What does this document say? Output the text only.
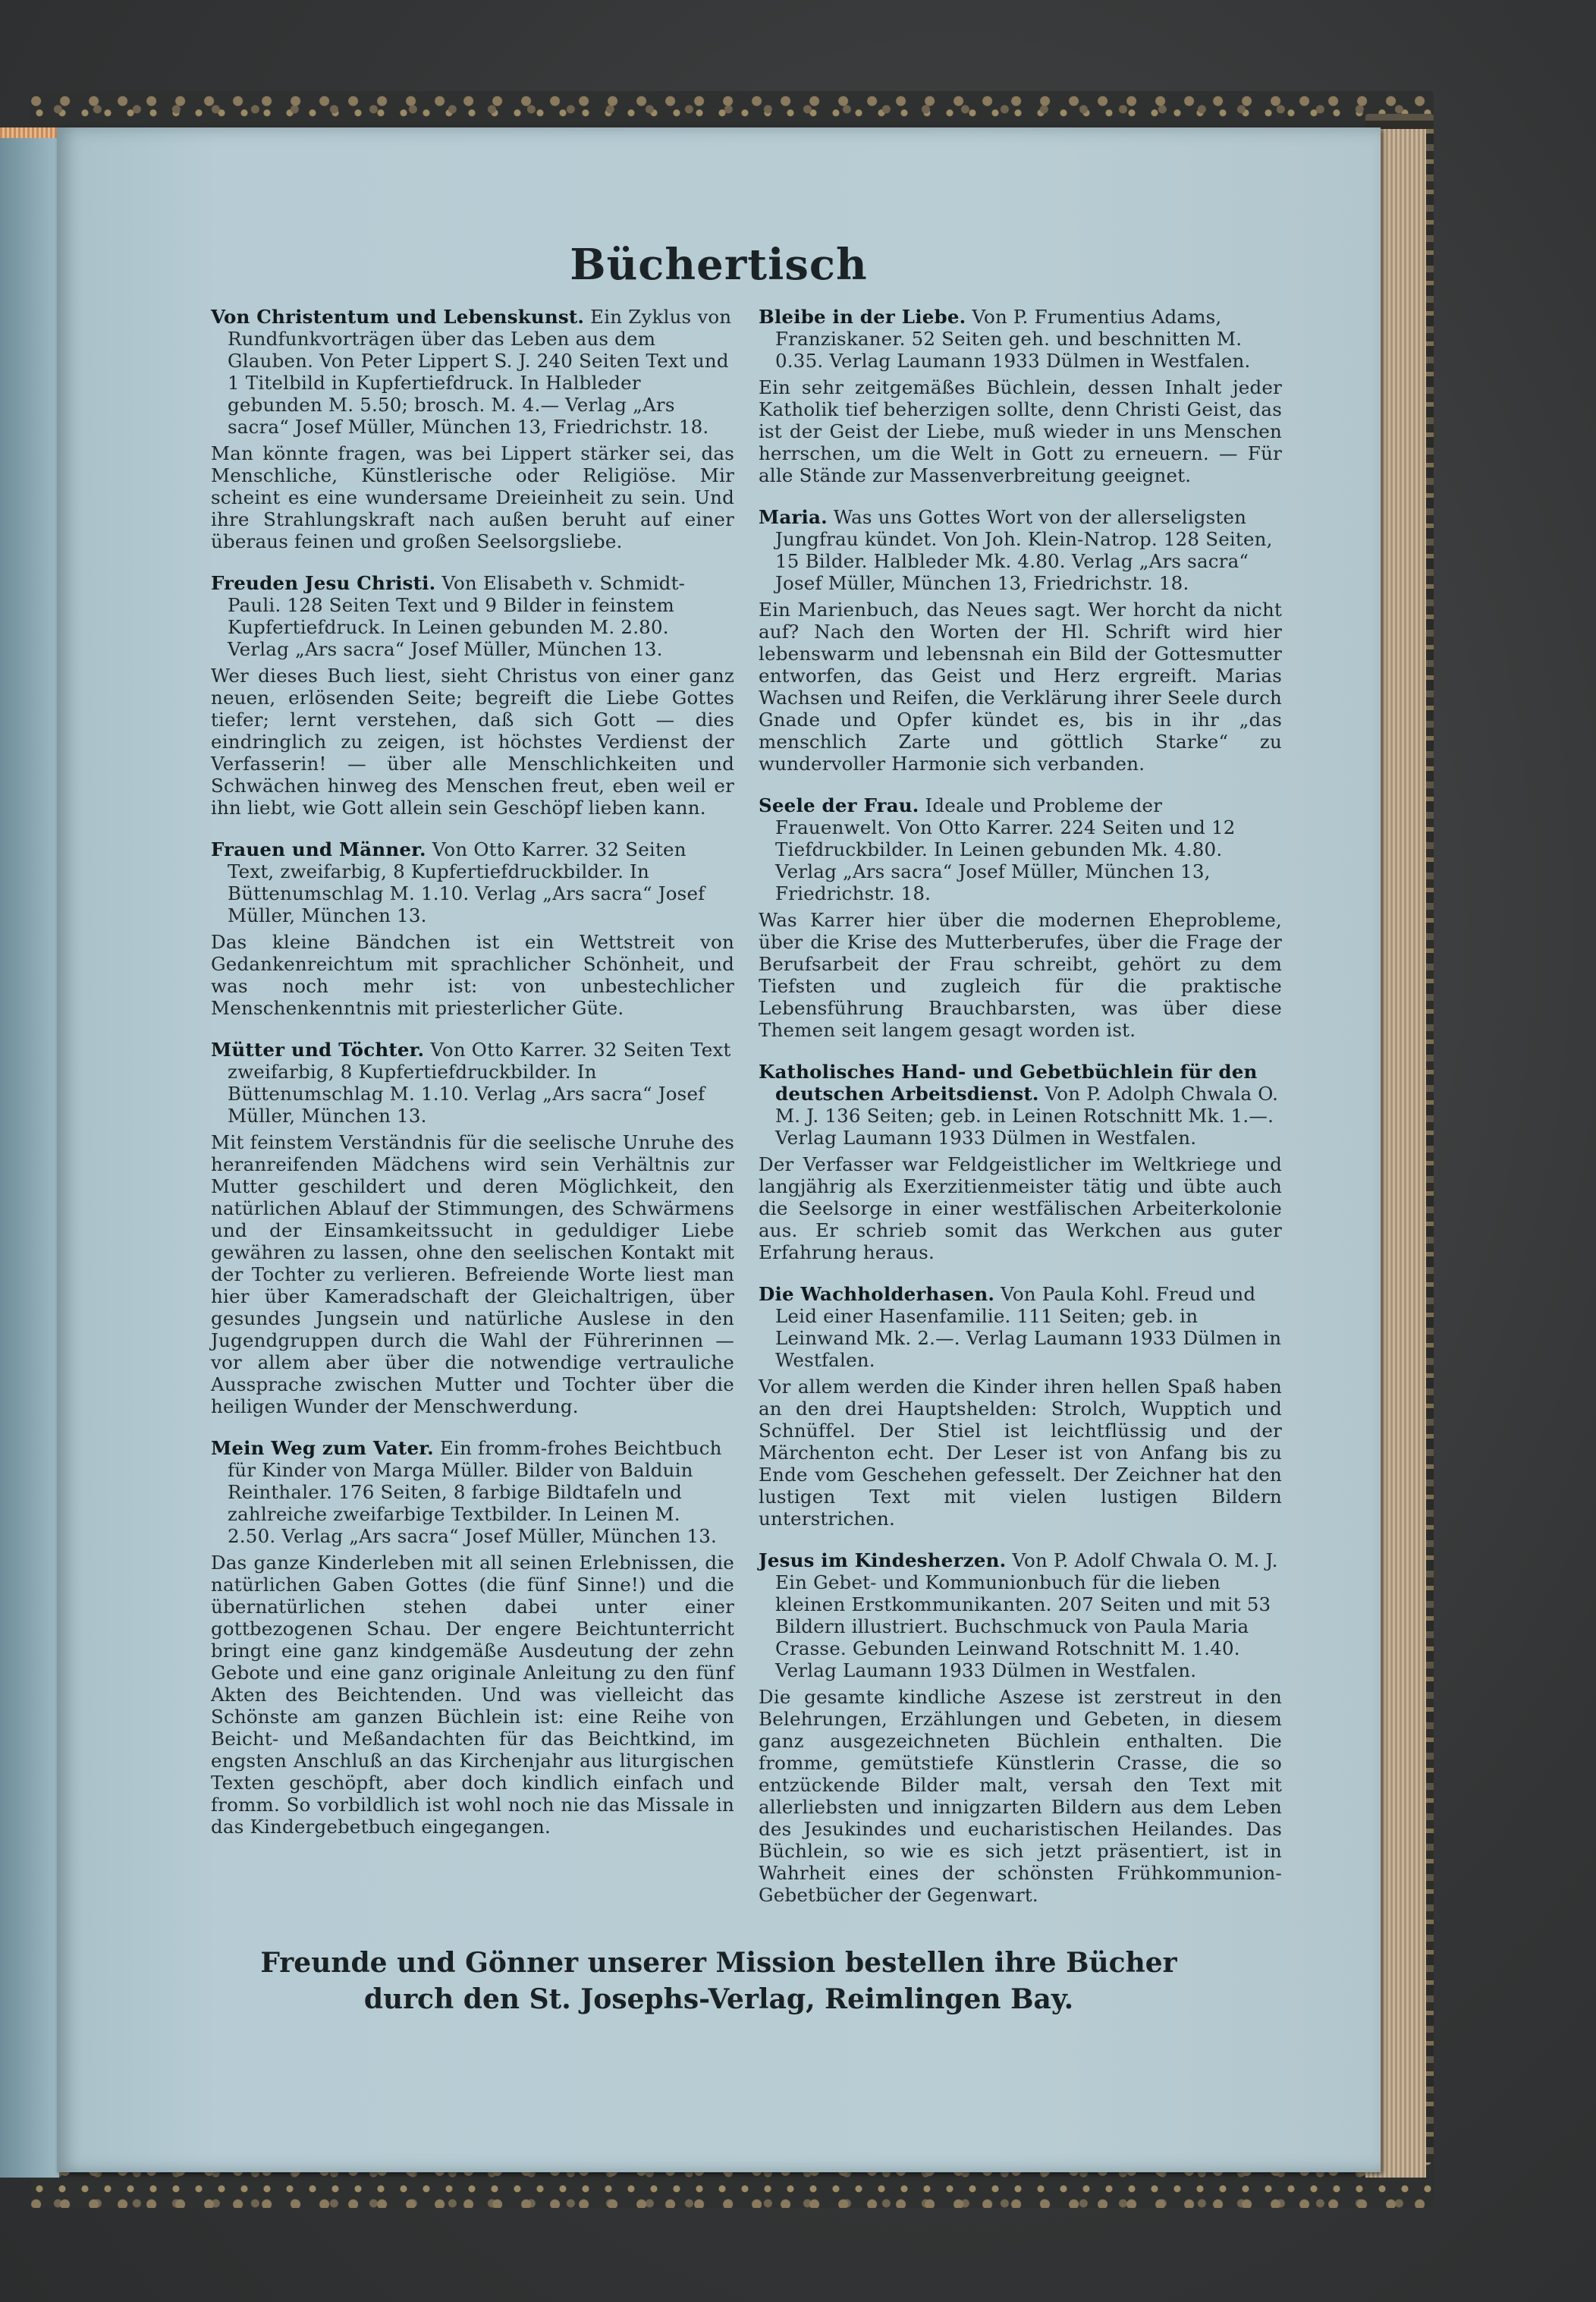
Büchertisch

Von Christentum und Lebenskunst. Ein Zyklus von Rundfunkvorträgen über das Leben aus dem Glauben. Von Peter Lippert S. J. 240 Seiten Text und 1 Titelbild in Kupfertiefdruck. In Halbleder gebunden M. 5.50; brosch. M. 4.— Verlag „Ars sacra“ Josef Müller, München 13, Friedrichstr. 18.

Man könnte fragen, was bei Lippert stärker sei, das Menschliche, Künstlerische oder Religiöse. Mir scheint es eine wundersame Dreieinheit zu sein. Und ihre Strahlungskraft nach außen beruht auf einer überaus feinen und großen Seelsorgsliebe.

Freuden Jesu Christi. Von Elisabeth v. Schmidt-Pauli. 128 Seiten Text und 9 Bilder in feinstem Kupfertiefdruck. In Leinen gebunden M. 2.80. Verlag „Ars sacra“ Josef Müller, München 13.

Wer dieses Buch liest, sieht Christus von einer ganz neuen, erlösenden Seite; begreift die Liebe Gottes tiefer; lernt verstehen, daß sich Gott — dies eindringlich zu zeigen, ist höchstes Verdienst der Verfasserin! — über alle Menschlichkeiten und Schwächen hinweg des Menschen freut, eben weil er ihn liebt, wie Gott allein sein Geschöpf lieben kann.

Frauen und Männer. Von Otto Karrer. 32 Seiten Text, zweifarbig, 8 Kupfertiefdruckbilder. In Büttenumschlag M. 1.10. Verlag „Ars sacra“ Josef Müller, München 13.

Das kleine Bändchen ist ein Wettstreit von Gedankenreichtum mit sprachlicher Schönheit, und was noch mehr ist: von unbestechlicher Menschenkenntnis mit priesterlicher Güte.

Mütter und Töchter. Von Otto Karrer. 32 Seiten Text zweifarbig, 8 Kupfertiefdruckbilder. In Büttenumschlag M. 1.10. Verlag „Ars sacra“ Josef Müller, München 13.

Mit feinstem Verständnis für die seelische Unruhe des heranreifenden Mädchens wird sein Verhältnis zur Mutter geschildert und deren Möglichkeit, den natürlichen Ablauf der Stimmungen, des Schwärmens und der Einsamkeitssucht in geduldiger Liebe gewähren zu lassen, ohne den seelischen Kontakt mit der Tochter zu verlieren. Befreiende Worte liest man hier über Kameradschaft der Gleichaltrigen, über gesundes Jungsein und natürliche Auslese in den Jugendgruppen durch die Wahl der Führerinnen — vor allem aber über die notwendige vertrauliche Aussprache zwischen Mutter und Tochter über die heiligen Wunder der Menschwerdung.

Mein Weg zum Vater. Ein fromm-frohes Beichtbuch für Kinder von Marga Müller. Bilder von Balduin Reinthaler. 176 Seiten, 8 farbige Bildtafeln und zahlreiche zweifarbige Textbilder. In Leinen M. 2.50. Verlag „Ars sacra“ Josef Müller, München 13.

Das ganze Kinderleben mit all seinen Erlebnissen, die natürlichen Gaben Gottes (die fünf Sinne!) und die übernatürlichen stehen dabei unter einer gottbezogenen Schau. Der engere Beichtunterricht bringt eine ganz kindgemäße Ausdeutung der zehn Gebote und eine ganz originale Anleitung zu den fünf Akten des Beichtenden. Und was vielleicht das Schönste am ganzen Büchlein ist: eine Reihe von Beicht- und Meßandachten für das Beichtkind, im engsten Anschluß an das Kirchenjahr aus liturgischen Texten geschöpft, aber doch kindlich einfach und fromm. So vorbildlich ist wohl noch nie das Missale in das Kindergebetbuch eingegangen.

Bleibe in der Liebe. Von P. Frumentius Adams, Franziskaner. 52 Seiten geh. und beschnitten M. 0.35. Verlag Laumann 1933 Dülmen in Westfalen.

Ein sehr zeitgemäßes Büchlein, dessen Inhalt jeder Katholik tief beherzigen sollte, denn Christi Geist, das ist der Geist der Liebe, muß wieder in uns Menschen herrschen, um die Welt in Gott zu erneuern. — Für alle Stände zur Massenverbreitung geeignet.

Maria. Was uns Gottes Wort von der allerseligsten Jungfrau kündet. Von Joh. Klein-Natrop. 128 Seiten, 15 Bilder. Halbleder Mk. 4.80. Verlag „Ars sacra“ Josef Müller, München 13, Friedrichstr. 18.

Ein Marienbuch, das Neues sagt. Wer horcht da nicht auf? Nach den Worten der Hl. Schrift wird hier lebenswarm und lebensnah ein Bild der Gottesmutter entworfen, das Geist und Herz ergreift. Marias Wachsen und Reifen, die Verklärung ihrer Seele durch Gnade und Opfer kündet es, bis in ihr „das menschlich Zarte und göttlich Starke“ zu wundervoller Harmonie sich verbanden.

Seele der Frau. Ideale und Probleme der Frauenwelt. Von Otto Karrer. 224 Seiten und 12 Tiefdruckbilder. In Leinen gebunden Mk. 4.80. Verlag „Ars sacra“ Josef Müller, München 13, Friedrichstr. 18.

Was Karrer hier über die modernen Eheprobleme, über die Krise des Mutterberufes, über die Frage der Berufsarbeit der Frau schreibt, gehört zu dem Tiefsten und zugleich für die praktische Lebensführung Brauchbarsten, was über diese Themen seit langem gesagt worden ist.

Katholisches Hand- und Gebetbüchlein für den deutschen Arbeitsdienst. Von P. Adolph Chwala O. M. J. 136 Seiten; geb. in Leinen Rotschnitt Mk. 1.—. Verlag Laumann 1933 Dülmen in Westfalen.

Der Verfasser war Feldgeistlicher im Weltkriege und langjährig als Exerzitienmeister tätig und übte auch die Seelsorge in einer westfälischen Arbeiterkolonie aus. Er schrieb somit das Werkchen aus guter Erfahrung heraus.

Die Wachholderhasen. Von Paula Kohl. Freud und Leid einer Hasenfamilie. 111 Seiten; geb. in Leinwand Mk. 2.—. Verlag Laumann 1933 Dülmen in Westfalen.

Vor allem werden die Kinder ihren hellen Spaß haben an den drei Hauptshelden: Strolch, Wupptich und Schnüffel. Der Stiel ist leichtflüssig und der Märchenton echt. Der Leser ist von Anfang bis zu Ende vom Geschehen gefesselt. Der Zeichner hat den lustigen Text mit vielen lustigen Bildern unterstrichen.

Jesus im Kindesherzen. Von P. Adolf Chwala O. M. J. Ein Gebet- und Kommunionbuch für die lieben kleinen Erstkommunikanten. 207 Seiten und mit 53 Bildern illustriert. Buchschmuck von Paula Maria Crasse. Gebunden Leinwand Rotschnitt M. 1.40. Verlag Laumann 1933 Dülmen in Westfalen.

Die gesamte kindliche Aszese ist zerstreut in den Belehrungen, Erzählungen und Gebeten, in diesem ganz ausgezeichneten Büchlein enthalten. Die fromme, gemütstiefe Künstlerin Crasse, die so entzückende Bilder malt, versah den Text mit allerliebsten und innigzarten Bildern aus dem Leben des Jesukindes und eucharistischen Heilandes. Das Büchlein, so wie es sich jetzt präsentiert, ist in Wahrheit eines der schönsten Frühkommunion-Gebetbücher der Gegenwart.

Freunde und Gönner unserer Mission bestellen ihre Bücher
durch den St. Josephs-Verlag, Reimlingen Bay.
